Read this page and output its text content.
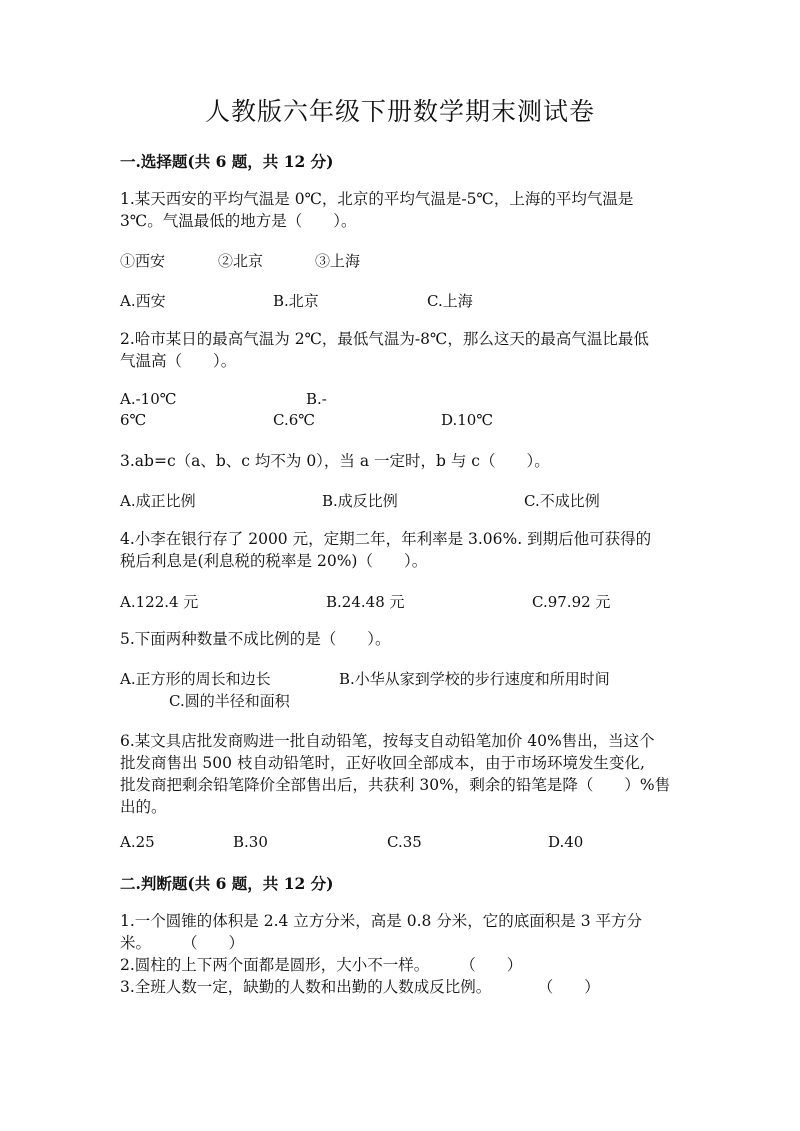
人教版六年级下册数学期末测试卷
一.选择题(共 6 题，共 12 分)
1.某天西安的平均气温是 0℃，北京的平均气温是-5℃，上海的平均气温是
3℃。气温最低的地方是（　　）。
①西安	②北京	③上海
A.西安	B.北京	C.上海
2.哈市某日的最高气温为 2℃，最低气温为-8℃，那么这天的最高气温比最低
气温高（　　）。
A.-10℃	B.-
6℃	C.6℃	D.10℃
3.ab=c（a、b、c 均不为 0），当 a 一定时，b 与 c（　　）。
A.成正比例	B.成反比例	C.不成比例
4.小李在银行存了 2000 元，定期二年，年利率是 3.06%. 到期后他可获得的
税后利息是(利息税的税率是 20%)（　　）。
A.122.4 元	B.24.48 元	C.97.92 元
5.下面两种数量不成比例的是（　　）。
A.正方形的周长和边长	B.小华从家到学校的步行速度和所用时间
C.圆的半径和面积
6.某文具店批发商购进一批自动铅笔，按每支自动铅笔加价 40%售出，当这个
批发商售出 500 枝自动铅笔时，正好收回全部成本，由于市场环境发生变化,
批发商把剩余铅笔降价全部售出后，共获利 30%，剩余的铅笔是降（　　）%售
出的。
A.25	B.30	C.35	D.40
二.判断题(共 6 题，共 12 分)
1.一个圆锥的体积是 2.4 立方分米，高是 0.8 分米，它的底面积是 3 平方分
米。　　　（　　）
2.圆柱的上下两个面都是圆形，大小不一样。　　　（　　）
3.全班人数一定，缺勤的人数和出勤的人数成反比例。　　　　（　　）
